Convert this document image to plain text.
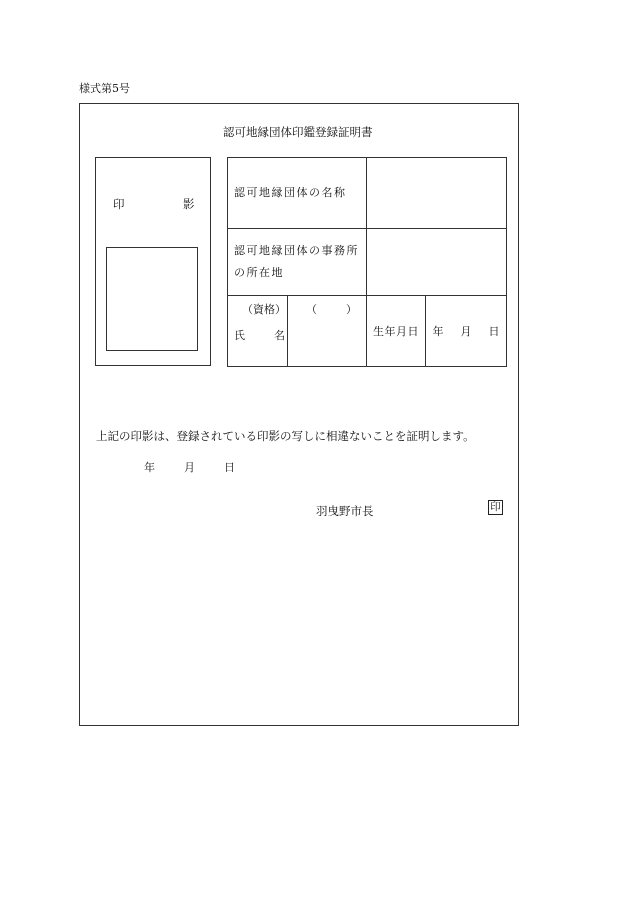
様式第5号
認可地縁団体印鑑登録証明書
印	影
認可地縁団体の名称			

認可地縁団体の事務所
の所在地			

（資格）
氏 名	（ ）	生年月日	年 月 日
上記の印影は、登録されている印影の写しに相違ないことを証明します。
年	月	日
羽曳野市長	印
